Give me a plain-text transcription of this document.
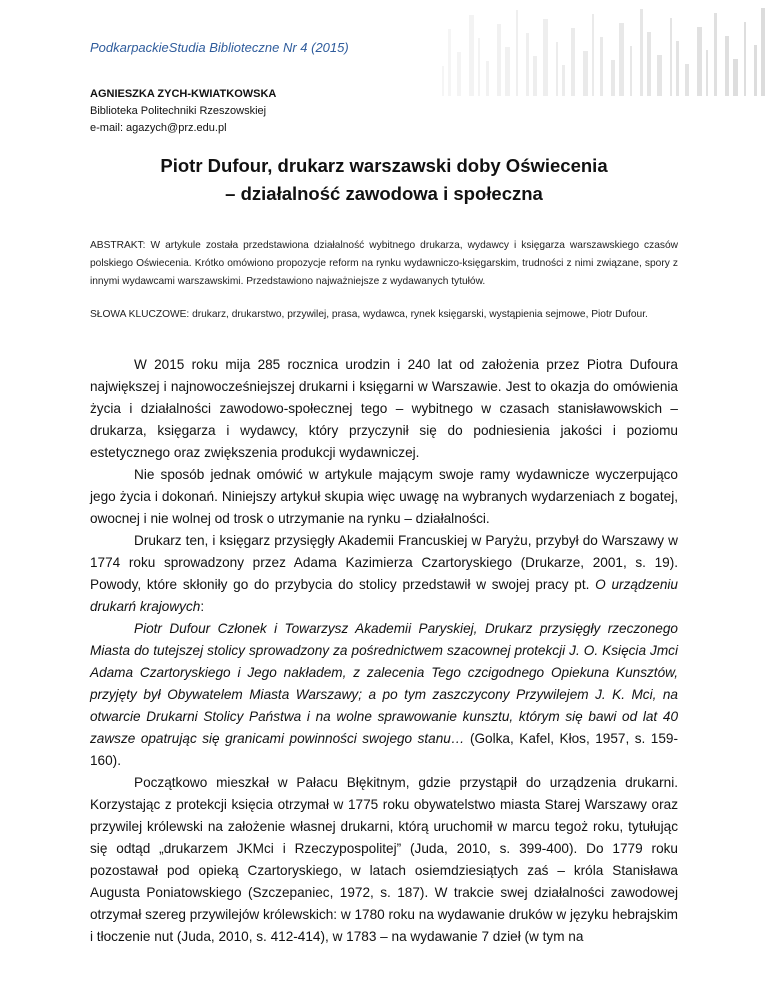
PodkarpackieStudia Biblioteczne Nr 4 (2015)
AGNIESZKA ZYCH-KWIATKOWSKA
Biblioteka Politechniki Rzeszowskiej
e-mail: agazych@prz.edu.pl
Piotr Dufour, drukarz warszawski doby Oświecenia
– działalność zawodowa i społeczna
ABSTRAKT: W artykule została przedstawiona działalność wybitnego drukarza, wydawcy i księgarza warszawskiego czasów polskiego Oświecenia. Krótko omówiono propozycje reform na rynku wydawniczo-księgarskim, trudności z nimi związane, spory z innymi wydawcami warszawskimi. Przedstawiono najważniejsze z wydawanych tytułów.
SŁOWA KLUCZOWE: drukarz, drukarstwo, przywilej, prasa, wydawca, rynek księgarski, wystąpienia sejmowe, Piotr Dufour.

W 2015 roku mija 285 rocznica urodzin i 240 lat od założenia przez Piotra Dufoura największej i najnowocześniejszej drukarni i księgarni w Warszawie. Jest to okazja do omówienia życia i działalności zawodowo-społecznej tego – wybitnego w czasach stanisławowskich – drukarza, księgarza i wydawcy, który przyczynił się do podniesienia jakości i poziomu estetycznego oraz zwiększenia produkcji wydawniczej.

Nie sposób jednak omówić w artykule mającym swoje ramy wydawnicze wyczerpująco jego życia i dokonań. Niniejszy artykuł skupia więc uwagę na wybranych wydarzeniach z bogatej, owocnej i nie wolnej od trosk o utrzymanie na rynku – działalności.

Drukarz ten, i księgarz przysięgły Akademii Francuskiej w Paryżu, przybył do Warszawy w 1774 roku sprowadzony przez Adama Kazimierza Czartoryskiego (Drukarze, 2001, s. 19). Powody, które skłoniły go do przybycia do stolicy przedstawił w swojej pracy pt. O urządzeniu drukarń krajowych:

Piotr Dufour Członek i Towarzysz Akademii Paryskiej, Drukarz przysięgły rzeczonego Miasta do tutejszej stolicy sprowadzony za pośrednictwem szacownej protekcji J. O. Księcia Jmci Adama Czartoryskiego i Jego nakładem, z zalecenia Tego czcigodnego Opiekuna Kunsztów, przyjęty był Obywatelem Miasta Warszawy; a po tym zaszczycony Przywilejem J. K. Mci, na otwarcie Drukarni Stolicy Państwa i na wolne sprawowanie kunsztu, którym się bawi od lat 40 zawsze opatrując się granicami powinności swojego stanu… (Golka, Kafel, Kłos, 1957, s. 159-160).

Początkowo mieszkał w Pałacu Błękitnym, gdzie przystąpił do urządzenia drukarni. Korzystając z protekcji księcia otrzymał w 1775 roku obywatelstwo miasta Starej Warszawy oraz przywilej królewski na założenie własnej drukarni, którą uruchomił w marcu tegoż roku, tytułując się odtąd „drukarzem JKMci i Rzeczypospolitej” (Juda, 2010, s. 399-400). Do 1779 roku pozostawał pod opieką Czartoryskiego, w latach osiemdziesiątych zaś – króla Stanisława Augusta Poniatowskiego (Szczepaniec, 1972, s. 187). W trakcie swej działalności zawodowej otrzymał szereg przywilejów królewskich: w 1780 roku na wydawanie druków w języku hebrajskim i tłoczenie nut (Juda, 2010, s. 412-414), w 1783 – na wydawanie 7 dzieł (w tym na
